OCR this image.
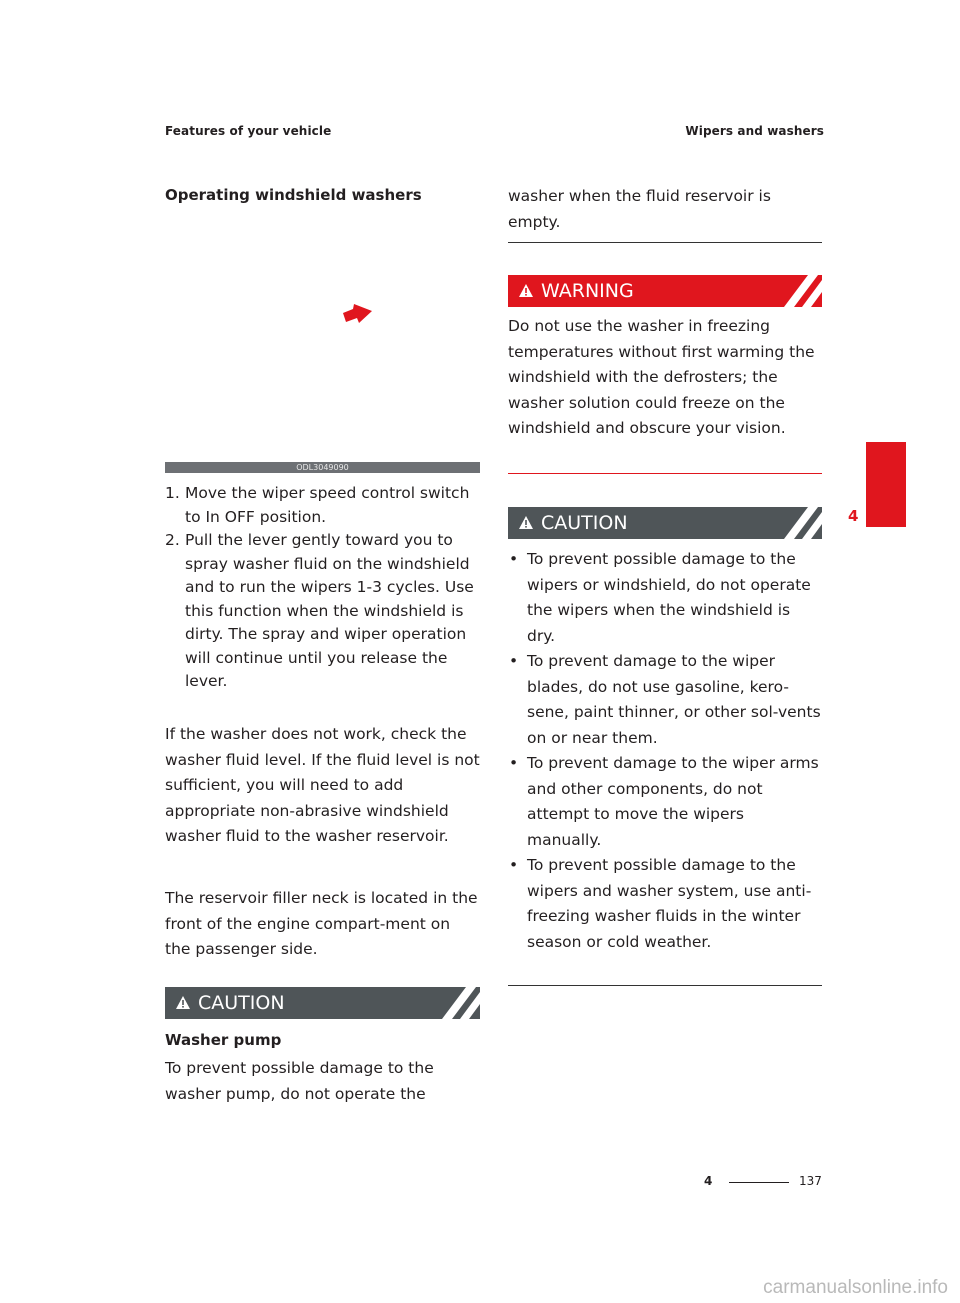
Features of your vehicle	Wipers and washers
Operating windshield washers
ODL3049090
1. Move the wiper speed control switch to In OFF position.
2. Pull the lever gently toward you to spray washer fluid on the windshield and to run the wipers 1-3 cycles. Use this function when the windshield is dirty. The spray and wiper operation will continue until you release the lever.
If the washer does not work, check the washer fluid level. If the fluid level is not sufficient, you will need to add appropriate non-abrasive windshield washer fluid to the washer reservoir.
The reservoir filler neck is located in the front of the engine compart-ment on the passenger side.
CAUTION
Washer pump
To prevent possible damage to the washer pump, do not operate the
washer when the fluid reservoir is empty.
WARNING
Do not use the washer in freezing temperatures without first warming the windshield with the defrosters; the washer solution could freeze on the windshield and obscure your vision.
CAUTION
• To prevent possible damage to the wipers or windshield, do not operate the wipers when the windshield is dry.
• To prevent damage to the wiper blades, do not use gasoline, kero-sene, paint thinner, or other sol-vents on or near them.
• To prevent damage to the wiper arms and other components, do not attempt to move the wipers manually.
• To prevent possible damage to the wipers and washer system, use anti-freezing washer fluids in the winter season or cold weather.
4
4	137
carmanualsonline.info
